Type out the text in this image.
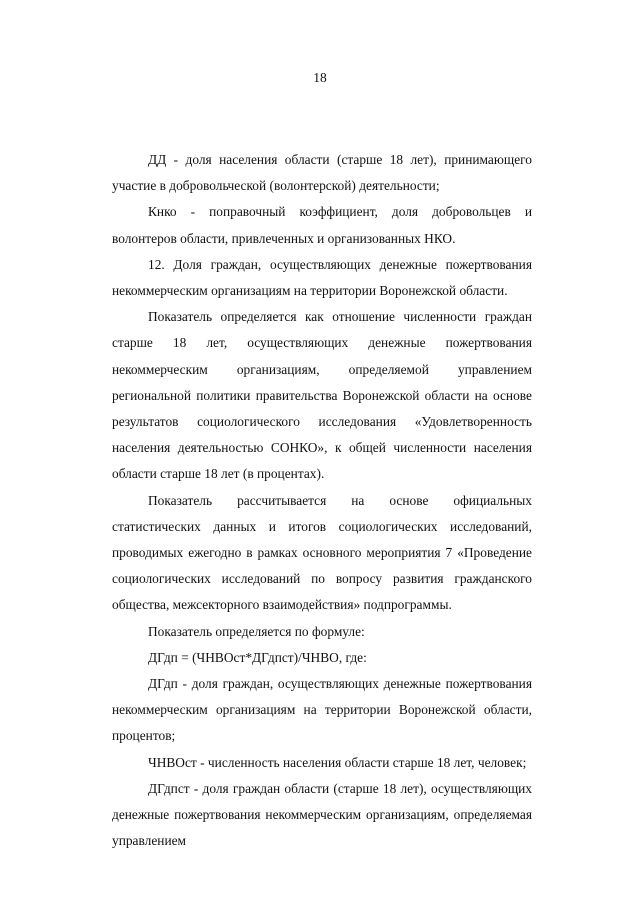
18

ДД - доля населения области (старше 18 лет), принимающего участие в добровольческой (волонтерской) деятельности;

Кнко - поправочный коэффициент, доля добровольцев и волонтеров области, привлеченных и организованных НКО.

12. Доля граждан, осуществляющих денежные пожертвования некоммерческим организациям на территории Воронежской области.

Показатель определяется как отношение численности граждан старше 18 лет, осуществляющих денежные пожертвования некоммерческим организациям, определяемой управлением региональной политики правительства Воронежской области на основе результатов социологического исследования «Удовлетворенность населения деятельностью СОНКО», к общей численности населения области старше 18 лет (в процентах).

Показатель рассчитывается на основе официальных статистических данных и итогов социологических исследований, проводимых ежегодно в рамках основного мероприятия 7 «Проведение социологических исследований по вопросу развития гражданского общества, межсекторного взаимодействия» подпрограммы.

Показатель определяется по формуле:

ДГдп = (ЧНВОст*ДГдпст)/ЧНВО, где:

ДГдп - доля граждан, осуществляющих денежные пожертвования некоммерческим организациям на территории Воронежской области, процентов;

ЧНВОст - численность населения области старше 18 лет, человек;

ДГдпст - доля граждан области (старше 18 лет), осуществляющих денежные пожертвования некоммерческим организациям, определяемая управлением
